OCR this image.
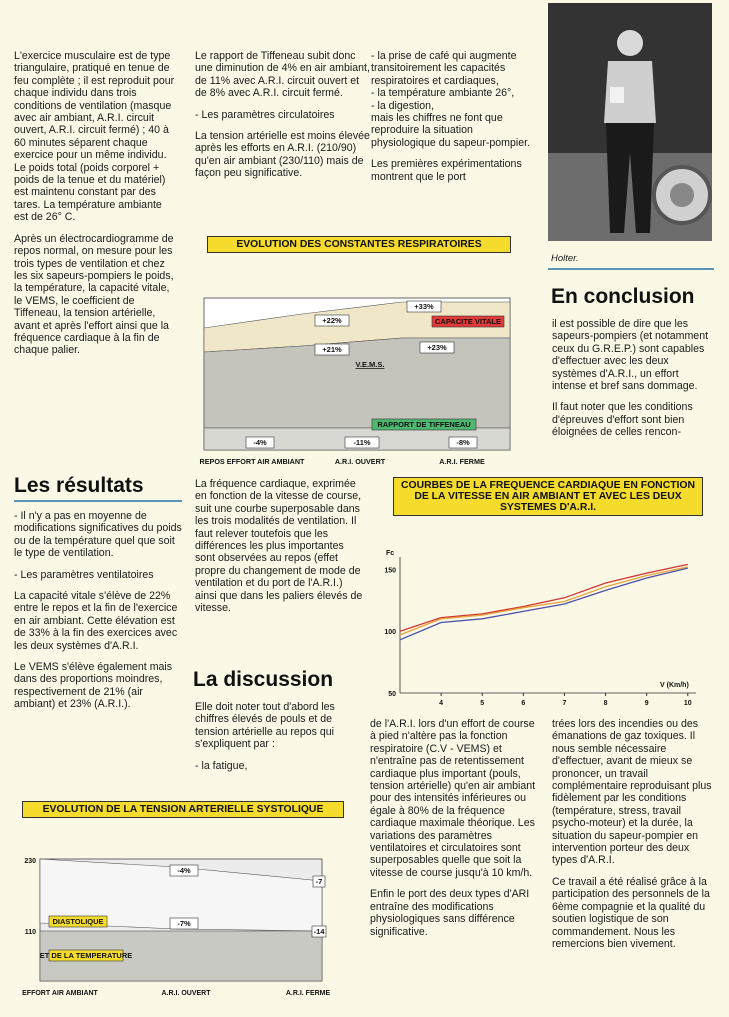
L'exercice musculaire est de type triangulaire, pratiqué en tenue de feu complète ; il est reproduit pour chaque individu dans trois conditions de ventilation (masque avec air ambiant, A.R.I. circuit ouvert, A.R.I. circuit fermé) ; 40 à 60 minutes séparent chaque exercice pour un même individu. Le poids total (poids corporel + poids de la tenue et du matériel) est maintenu constant par des tares. La température ambiante est de 26° C.

Après un électrocardiogramme de repos normal, on mesure pour les trois types de ventilation et chez les six sapeurs-pompiers le poids, la température, la capacité vitale, le VEMS, le coefficient de Tiffeneau, la tension artérielle, avant et après l'effort ainsi que la fréquence cardiaque à la fin de chaque palier.

Le rapport de Tiffeneau subit donc une diminution de 4% en air ambiant, de 11% avec A.R.I. circuit ouvert et de 8% avec A.R.I. circuit fermé.

- Les paramètres circulatoires

La tension artérielle est moins élevée après les efforts en A.R.I. (210/90) qu'en air ambiant (230/110) mais de façon peu significative.

- la prise de café qui augmente transitoirement les capacités respiratoires et cardiaques,

- la température ambiante 26°,

- la digestion,

mais les chiffres ne font que reproduire la situation physiologique du sapeur-pompier.

Les premières expérimentations montrent que le port

Holter.
En conclusion

il est possible de dire que les sapeurs-pompiers (et notamment ceux du G.R.E.P.) sont capables d'effectuer avec les deux systèmes d'A.R.I., un effort intense et bref sans dommage.

Il faut noter que les conditions d'épreuves d'effort sont bien éloignées de celles rencon-

EVOLUTION DES CONSTANTES RESPIRATOIRES
+22%
+33%
+21%	+23%
-4%	-11%	-8%
CAPACITE VITALE
V.E.M.S.
RAPPORT DE TIFFENEAU
REPOS EFFORT AIR AMBIANT	A.R.I. OUVERT	A.R.I. FERME
Les résultats

- Il n'y a pas en moyenne de modifications significatives du poids ou de la température quel que soit le type de ventilation.

- Les paramètres ventilatoires

La capacité vitale s'élève de 22% entre le repos et la fin de l'exercice en air ambiant. Cette élévation est de 33% à la fin des exercices avec les deux systèmes d'A.R.I.

Le VEMS s'élève également mais dans des proportions moindres, respectivement de 21% (air ambiant) et 23% (A.R.I.).

La fréquence cardiaque, exprimée en fonction de la vitesse de course, suit une courbe superposable dans les trois modalités de ventilation. Il faut relever toutefois que les différences les plus importantes sont observées au repos (effet propre du changement de mode de ventilation et du port de l'A.R.I.) ainsi que dans les paliers élevés de vitesse.

La discussion

Elle doit noter tout d'abord les chiffres élevés de pouls et de tension artérielle au repos qui s'expliquent par :

- la fatigue,

COURBES DE LA FREQUENCE CARDIAQUE EN FONCTION DE LA VITESSE EN AIR AMBIANT ET AVEC LES DEUX SYSTEMES D'A.R.I.
Fc
50
100
150
4	5	6	7	8	9	10
V (Km/h)
EVOLUTION DE LA TENSION ARTERIELLE SYSTOLIQUE
230
110
-4%
-7
-7%
-14
DIASTOLIQUE
ET DE LA TEMPERATURE
EFFORT AIR AMBIANT	A.R.I. OUVERT	A.R.I. FERME

de l'A.R.I. lors d'un effort de course à pied n'altère pas la fonction respiratoire (C.V - VEMS) et n'entraîne pas de retentissement cardiaque plus important (pouls, tension artérielle) qu'en air ambiant pour des intensités inférieures ou égale à 80% de la fréquence cardiaque maximale théorique. Les variations des paramètres ventilatoires et circulatoires sont superposables quelle que soit la vitesse de course jusqu'à 10 km/h.

Enfin le port des deux types d'ARI entraîne des modifications physiologiques sans différence significative.

trées lors des incendies ou des émanations de gaz toxiques. Il nous semble nécessaire d'effectuer, avant de mieux se prononcer, un travail complémentaire reproduisant plus fidèlement par les conditions (température, stress, travail psycho-moteur) et la durée, la situation du sapeur-pompier en intervention porteur des deux types d'A.R.I.

Ce travail a été réalisé grâce à la participation des personnels de la 6ème compagnie et la qualité du soutien logistique de son commandement. Nous les remercions bien vivement.
